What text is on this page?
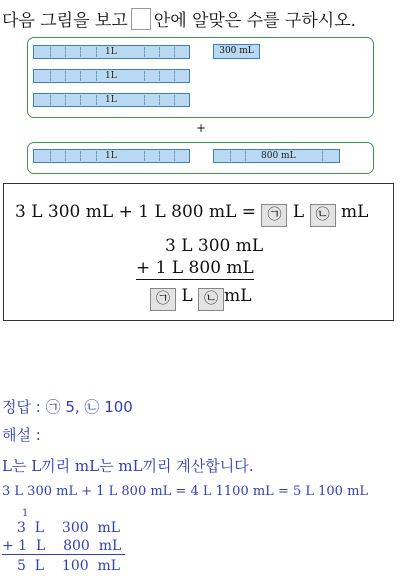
다음 그림을 보고 안에 알맞은 수를 구하시오.
1L	300 mL
1L
1L
+
1L	800 mL
3 L 300 mL + 1 L 800 mL = ㉠ L ㉡ mL
3 L 300 mL
+ 1 L 800 mL
㉠ L ㉡ mL
정답 : ㉠ 5, ㉡ 100
해설 :
L는 L끼리 mL는 mL끼리 계산합니다.
3 L 300 mL + 1 L 800 mL = 4 L 1100 mL = 5 L 100 mL
1
3  L    300  mL
+ 1  L    800  mL
5  L    100  mL
